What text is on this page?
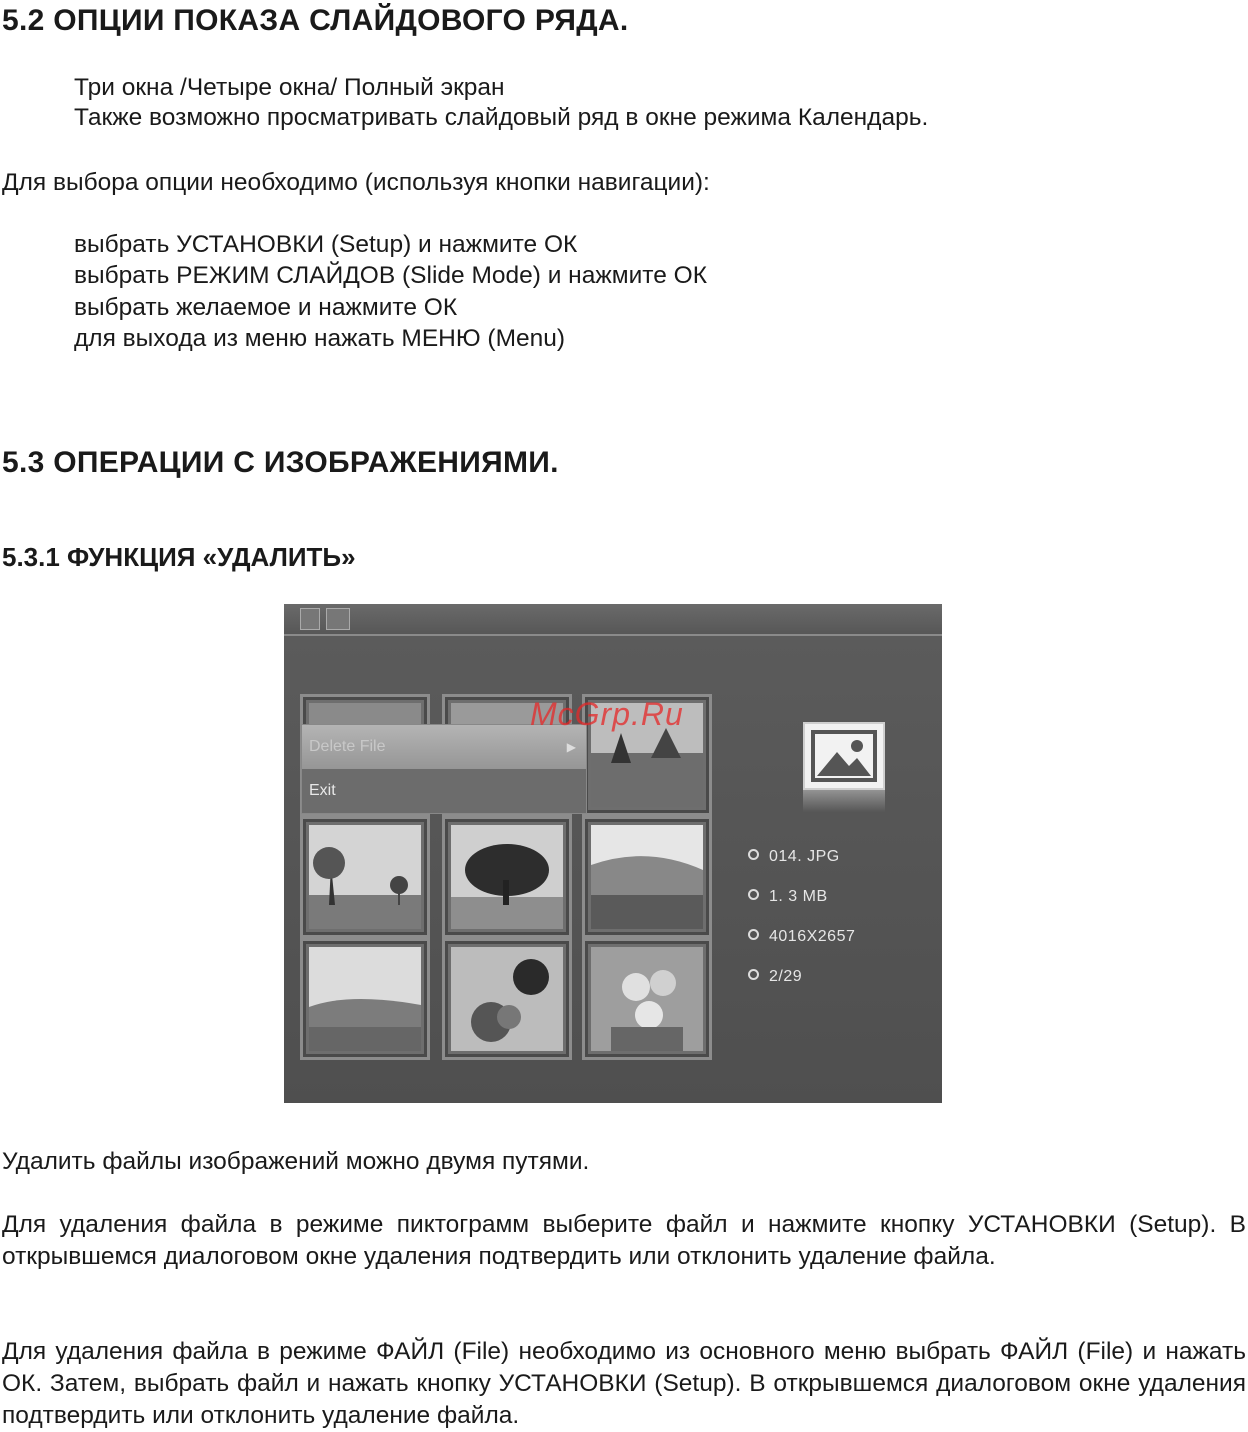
5.2 ОПЦИИ ПОКАЗА СЛАЙДОВОГО РЯДА.

Три окна /Четыре окна/ Полный экран

Также возможно просматривать слайдовый ряд в окне режима Календарь.

Для выбора опции необходимо (используя кнопки навигации):

выбрать УСТАНОВКИ (Setup) и нажмите ОК

выбрать РЕЖИМ СЛАЙДОВ (Slide Mode) и нажмите ОК

выбрать желаемое и нажмите ОК

для выхода из меню нажать МЕНЮ (Menu)

5.3 ОПЕРАЦИИ С ИЗОБРАЖЕНИЯМИ.
5.3.1 ФУНКЦИЯ «УДАЛИТЬ»
Delete File	▶
Exit
014. JPG
1. 3 MB
4016X2657
2/29
McGrp.Ru

Удалить файлы изображений можно двумя путями.

Для удаления файла в режиме пиктограмм выберите файл и нажмите кнопку УСТАНОВКИ (Setup). В открывшемся диалоговом окне удаления подтвердить или отклонить удаление файла.

Для удаления файла в режиме ФАЙЛ (File) необходимо из основного меню выбрать ФАЙЛ (File) и нажать ОК. Затем, выбрать файл и нажать кнопку УСТАНОВКИ (Setup). В открывшемся диалоговом окне удаления подтвердить или отклонить удаление файла.
